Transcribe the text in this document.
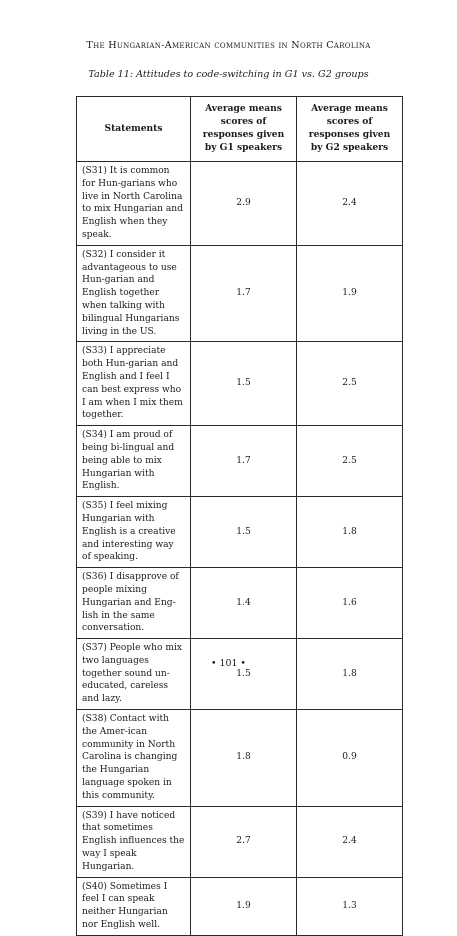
The Hungarian-American communities in North Carolina
Table 11: Attitudes to code-switching in G1 vs. G2 groups
Statements	Average means scores of responses given by G1 speakers	Average means scores of responses given by G2 speakers
(S31) It is common for Hun-garians who live in North Carolina to mix Hungarian and English when they speak.	2.9	2.4
(S32) I consider it advantageous to use Hun-garian and English together when talking with bilingual Hungarians living in the US.	1.7	1.9
(S33) I appreciate both Hun-garian and English and I feel I can best express who I am when I mix them together.	1.5	2.5
(S34) I am proud of being bi-lingual and being able to mix Hungarian with English.	1.7	2.5
(S35) I feel mixing Hungarian with English is a creative and interesting way of speaking.	1.5	1.8
(S36) I disapprove of people mixing Hungarian and Eng-lish in the same conversation.	1.4	1.6
(S37) People who mix two languages together sound un-educated, careless and lazy.	1.5	1.8
(S38) Contact with the Amer-ican community in North Carolina is changing the Hungarian language spoken in this community.	1.8	0.9
(S39) I have noticed that sometimes English influences the way I speak Hungarian.	2.7	2.4
(S40) Sometimes I feel I can speak neither Hungarian nor English well.	1.9	1.3
• 101 •
